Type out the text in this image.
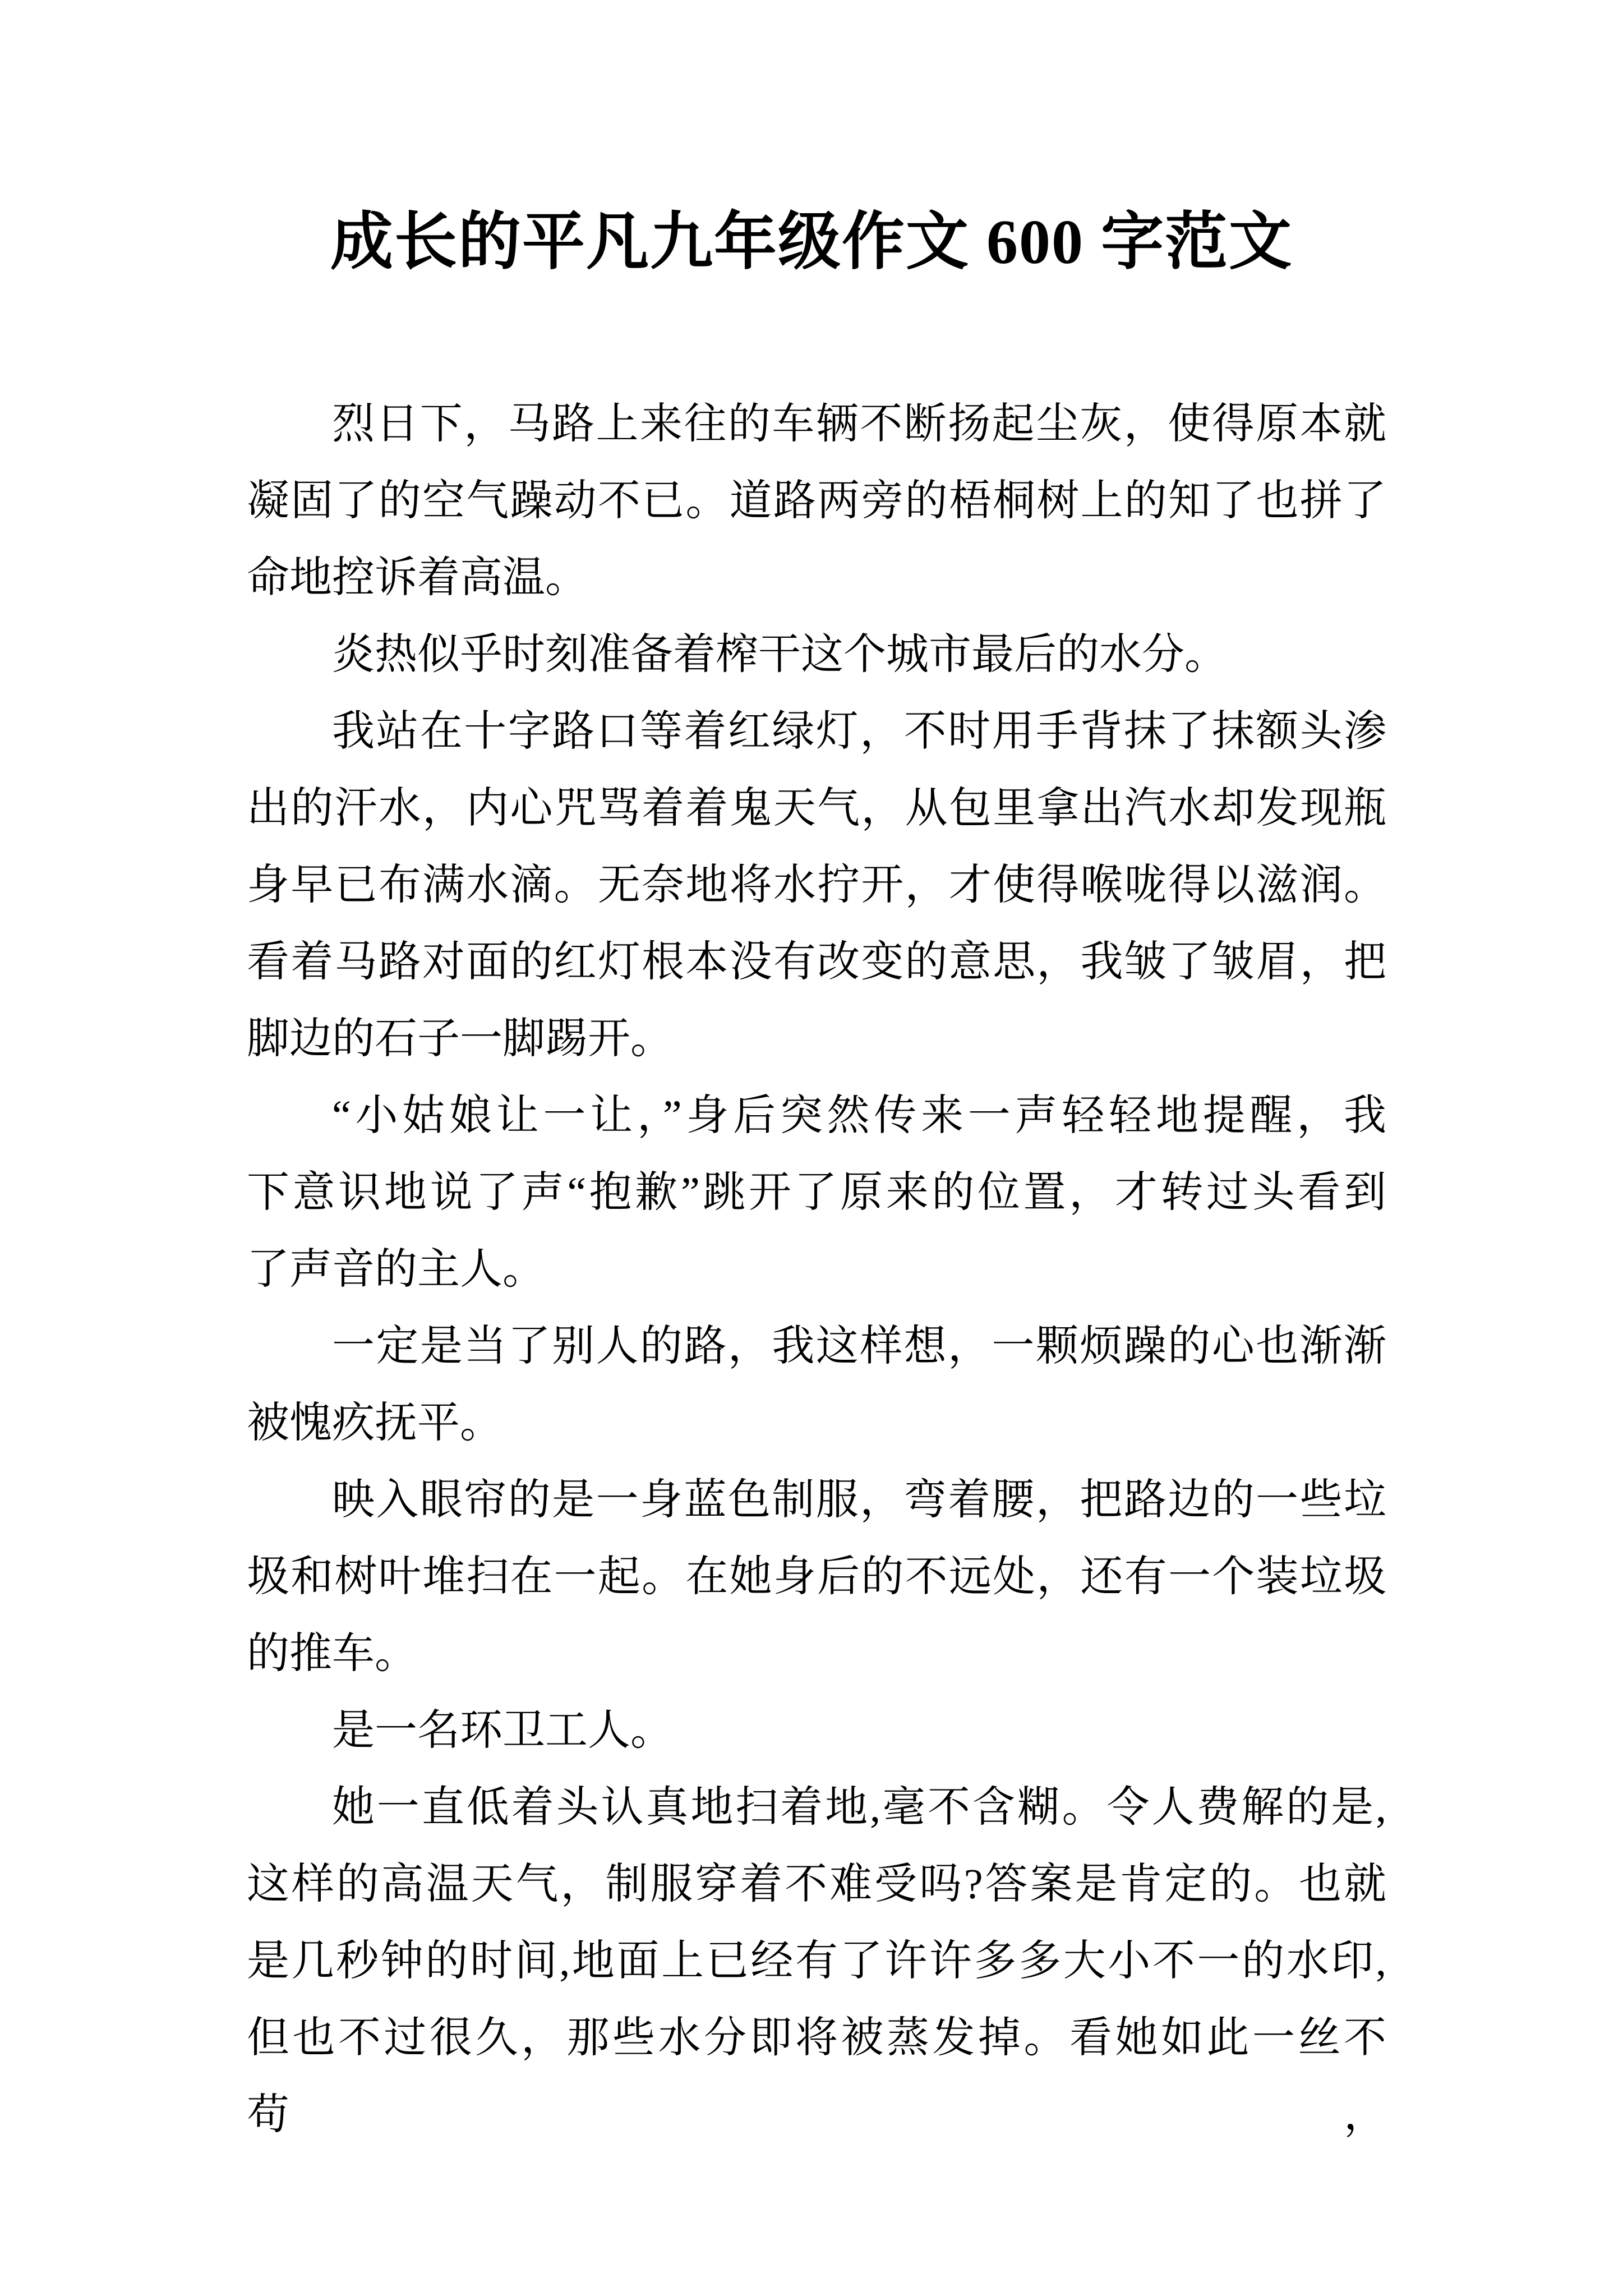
成长的平凡九年级作文 600 字范文
烈日下，马路上来往的车辆不断扬起尘灰，使得原本就
凝固了的空气躁动不已。道路两旁的梧桐树上的知了也拼了
命地控诉着高温。
炎热似乎时刻准备着榨干这个城市最后的水分。
我站在十字路口等着红绿灯，不时用手背抹了抹额头渗
出的汗水，内心咒骂着着鬼天气，从包里拿出汽水却发现瓶
身早已布满水滴。无奈地将水拧开，才使得喉咙得以滋润。
看着马路对面的红灯根本没有改变的意思，我皱了皱眉，把
脚边的石子一脚踢开。
“小姑娘让一让，”身后突然传来一声轻轻地提醒，我
下意识地说了声“抱歉”跳开了原来的位置，才转过头看到
了声音的主人。
一定是当了别人的路，我这样想，一颗烦躁的心也渐渐
被愧疚抚平。
映入眼帘的是一身蓝色制服，弯着腰，把路边的一些垃
圾和树叶堆扫在一起。在她身后的不远处，还有一个装垃圾
的推车。
是一名环卫工人。
她一直低着头认真地扫着地,毫不含糊。令人费解的是,
这样的高温天气，制服穿着不难受吗?答案是肯定的。也就
是几秒钟的时间,地面上已经有了许许多多大小不一的水印,
但也不过很久，那些水分即将被蒸发掉。看她如此一丝不苟，
